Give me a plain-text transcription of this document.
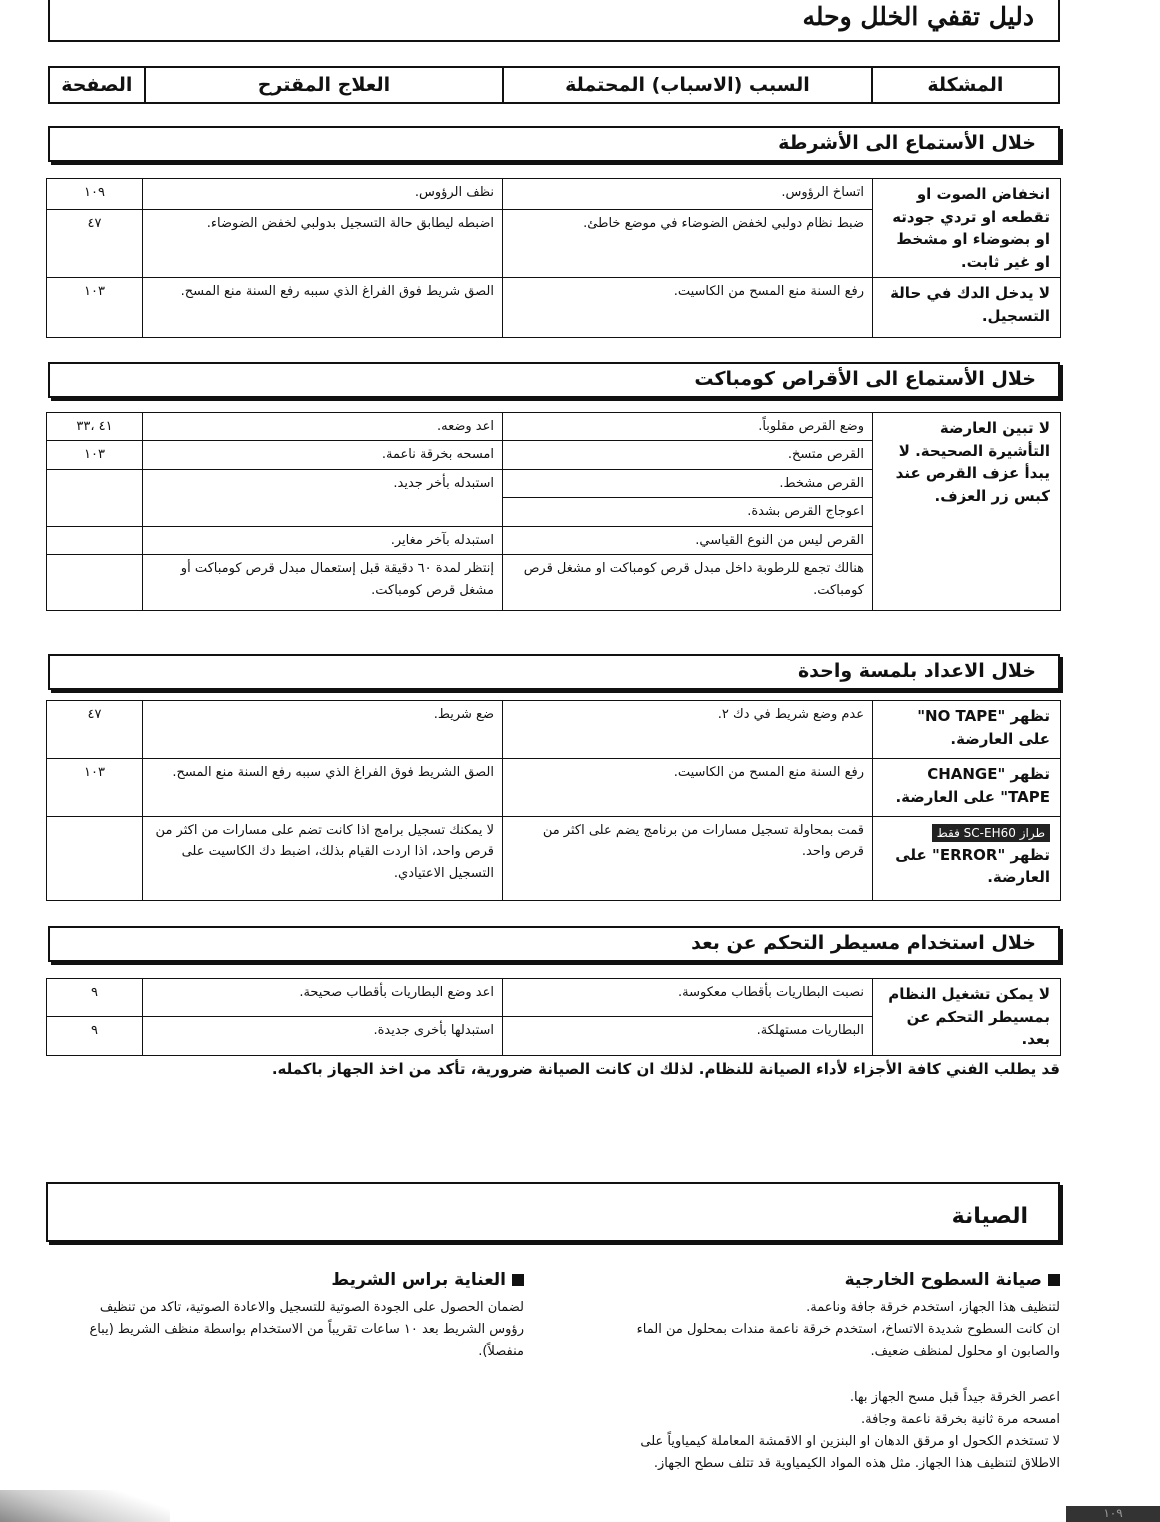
دليل تقفي الخلل وحله
المشكلة
السبب (الاسباب) المحتملة
العلاج المقترح
الصفحة
خلال الأستماع الى الأشرطة
انخفاض الصوت او تقطعه او تردي جودته او بضوضاء او مشخط او غير ثابت.	اتساخ الرؤوس.	نظف الرؤوس.	١٠٩
	ضبط نظام دولبي لخفض الضوضاء في موضع خاطئ.	اضبطه ليطابق حالة التسجيل بدولبي لخفض الضوضاء.	٤٧
لا يدخل الدك في حالة التسجيل.	رفع السنة منع المسح من الكاسيت.	الصق شريط فوق الفراغ الذي سببه رفع السنة منع المسح.	١٠٣
خلال الأستماع الى الأقراص كومباكت
لا تبين العارضة التأشيرة الصحيحة. لا يبدأ عزف القرص عند كبس زر العزف.	وضع القرص مقلوباً.	اعد وضعه.	٤١ ،٣٣
	القرص متسخ.	امسحه بخرقة ناعمة.	١٠٣
	القرص مشخط.	استبدله بأخر جديد.	
	اعوجاج القرص بشدة.		
	القرص ليس من النوع القياسي.	استبدله بآخر مغاير.	
	هنالك تجمع للرطوبة داخل مبدل قرص كومباكت او مشغل قرص كومباكت.	إنتظر لمدة ٦٠ دقيقة قبل إستعمال مبدل قرص كومباكت أو مشغل قرص كومباكت.	
خلال الاعداد بلمسة واحدة
تظهر "NO TAPE" على العارضة.	عدم وضع شريط في دك ٢.	ضع شريط.	٤٧
تظهر "CHANGE TAPE" على العارضة.	رفع السنة منع المسح من الكاسيت.	الصق الشريط فوق الفراغ الذي سببه رفع السنة منع المسح.	١٠٣
طراز SC-EH60 فقط
تظهر "ERROR" على العارضة.	قمت بمحاولة تسجيل مسارات من برنامج يضم على اكثر من قرص واحد.	لا يمكنك تسجيل برامج اذا كانت تضم على مسارات من اكثر من قرص واحد، اذا اردت القيام بذلك، اضبط دك الكاسيت على التسجيل الاعتيادي.	
خلال استخدام مسيطر التحكم عن بعد
لا يمكن تشغيل النظام بمسيطر التحكم عن بعد.	نصبت البطاريات بأقطاب معكوسة.	اعد وضع البطاريات بأقطاب صحيحة.	٩
	البطاريات مستهلكة.	استبدلها بأخرى جديدة.	٩
قد يطلب الفني كافة الأجزاء لأداء الصيانة للنظام. لذلك ان كانت الصيانة ضرورية، تأكد من اخذ الجهاز باكمله.
الصيانة
صيانة السطوح الخارجية

لتنظيف هذا الجهاز، استخدم خرقة جافة وناعمة.

ان كانت السطوح شديدة الاتساخ، استخدم خرقة ناعمة مندات بمحلول من الماء والصابون او محلول لمنظف ضعيف.

اعصر الخرقة جيداً قبل مسح الجهاز بها.

امسحه مرة ثانية بخرقة ناعمة وجافة.

لا تستخدم الكحول او مرقق الدهان او البنزين او الاقمشة المعاملة كيمياوياً على الاطلاق لتنظيف هذا الجهاز. مثل هذه المواد الكيمياوية قد تتلف سطح الجهاز.

العناية براس الشريط

لضمان الحصول على الجودة الصوتية للتسجيل والاعادة الصوتية، تاكد من تنظيف رؤوس الشريط بعد ١٠ ساعات تقريباً من الاستخدام بواسطة منظف الشريط (يباع منفصلاً).

١٠٩
